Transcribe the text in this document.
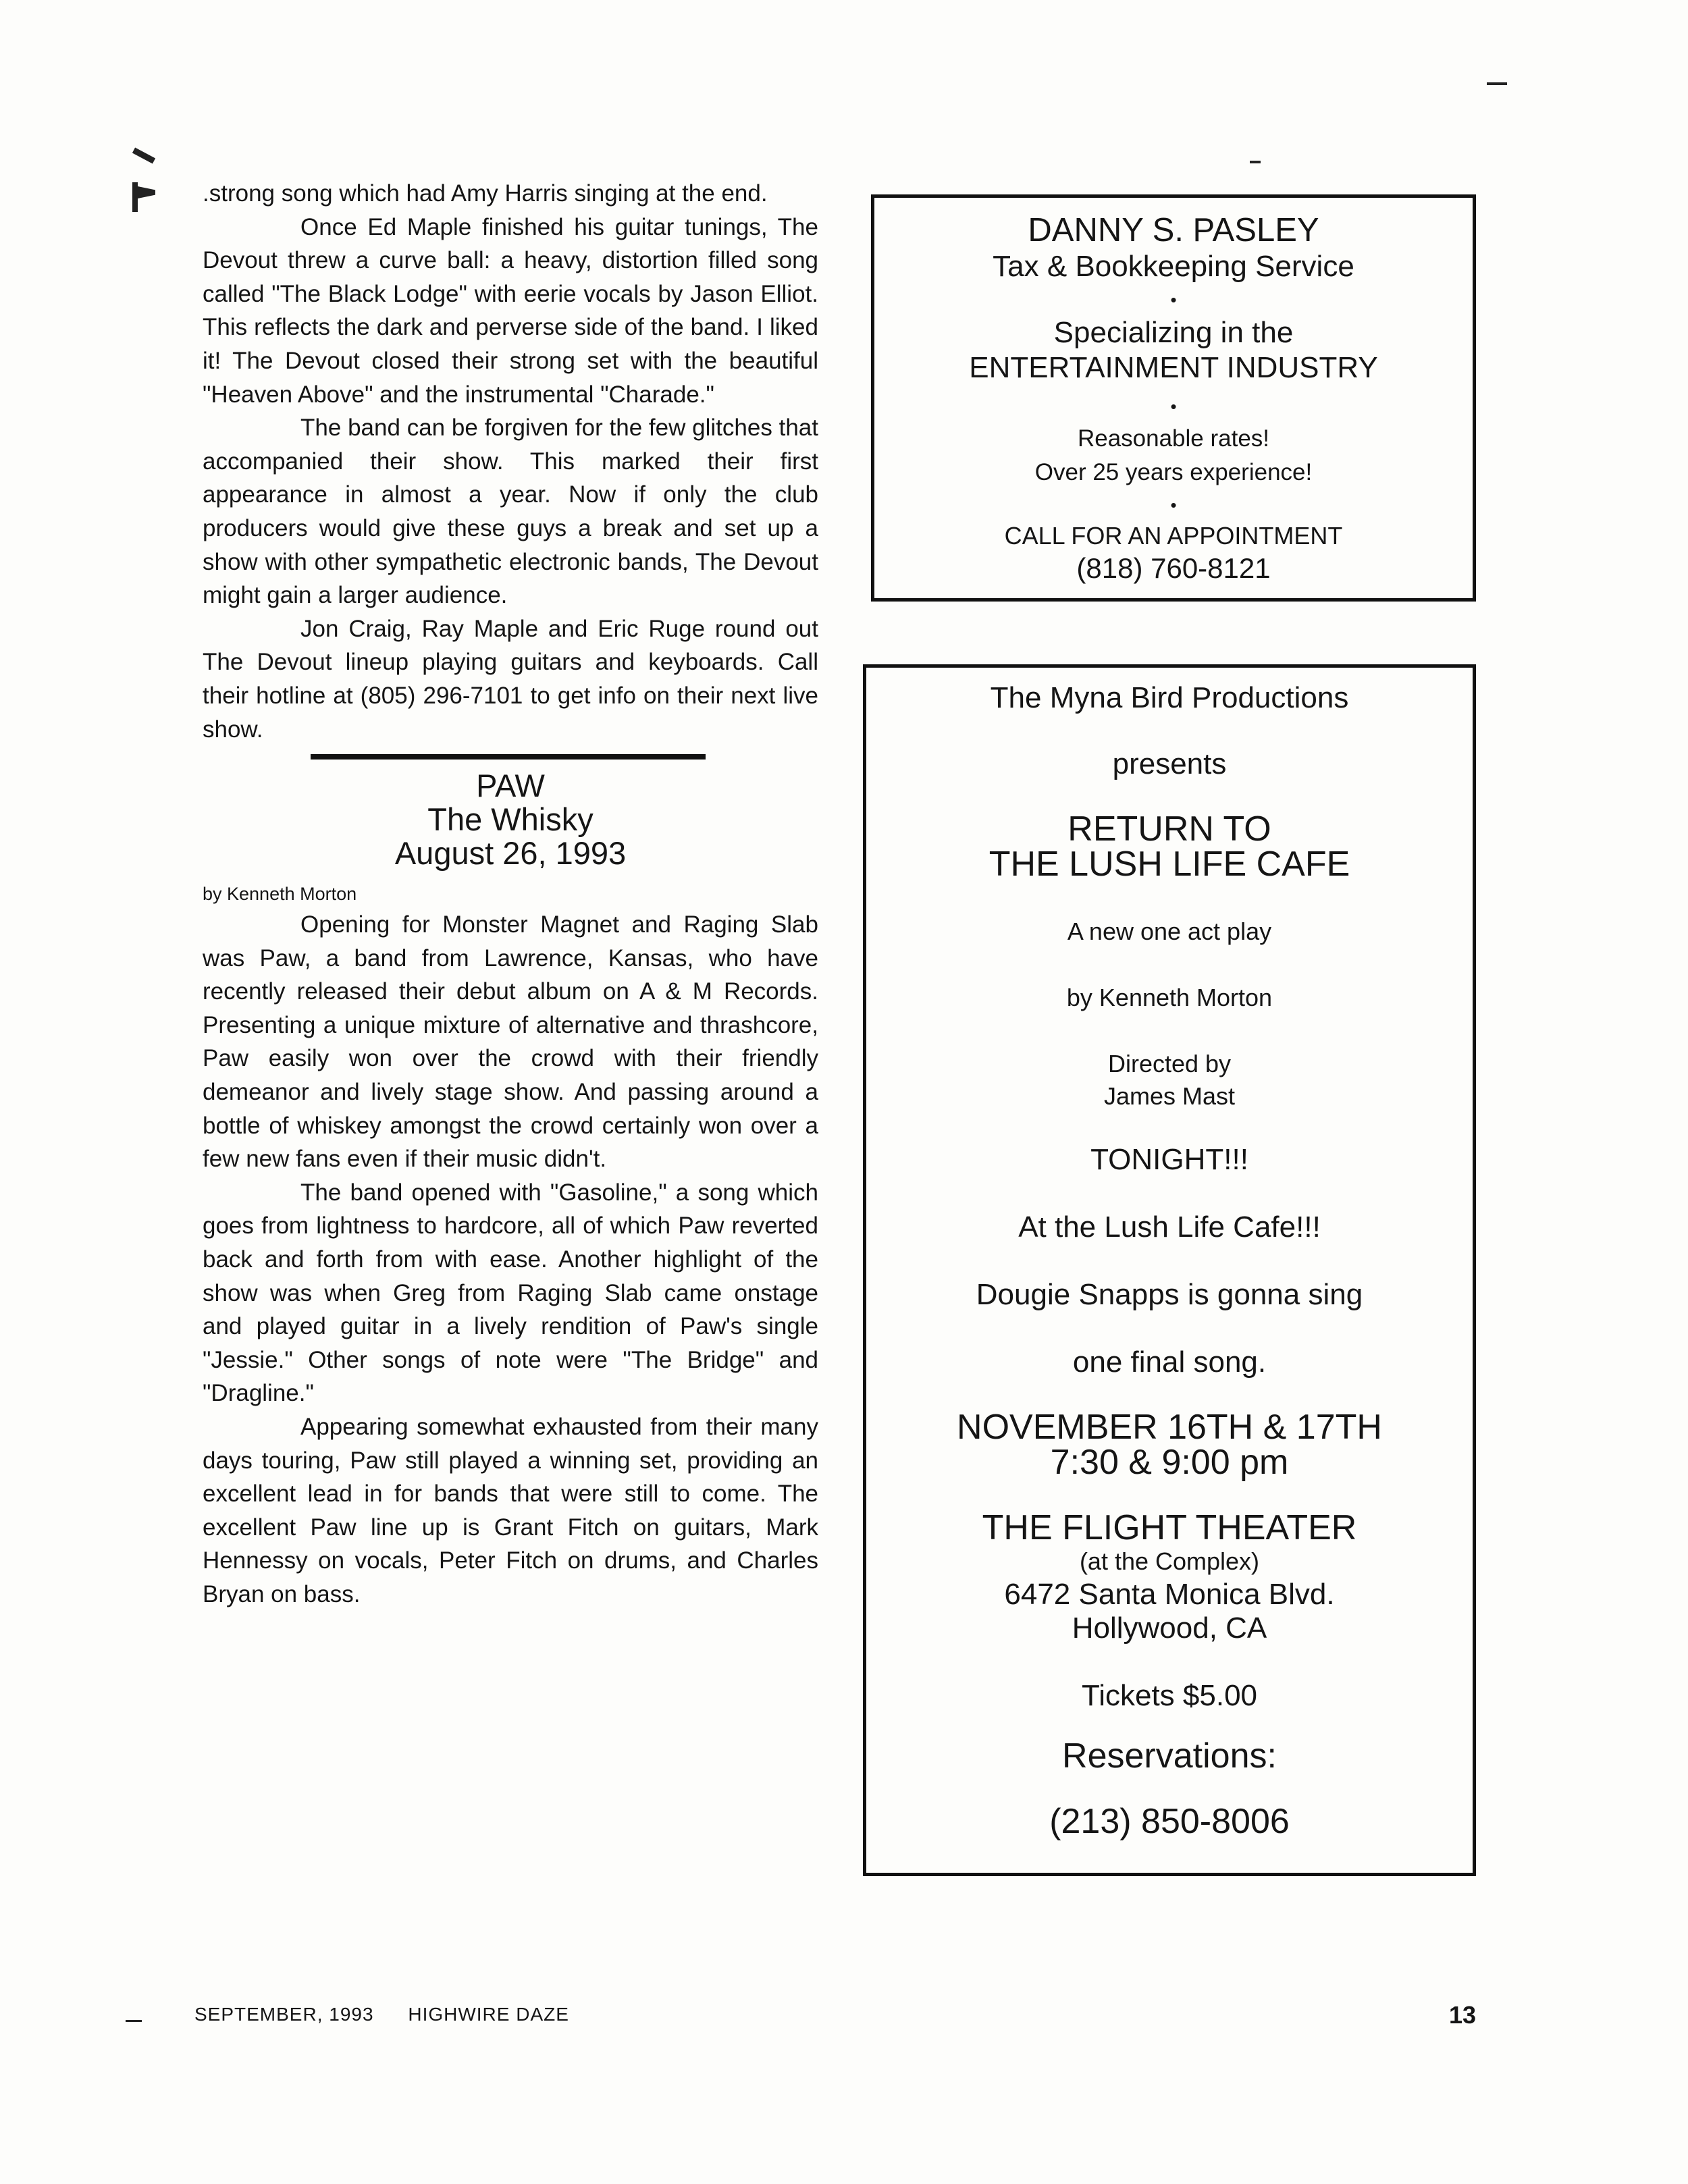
.strong song which had Amy Harris singing at the end.

Once Ed Maple finished his guitar tunings, The Devout threw a curve ball: a heavy, distortion filled song called "The Black Lodge" with eerie vocals by Jason Elliot. This reflects the dark and perverse side of the band. I liked it! The Devout closed their strong set with the beautiful "Heaven Above" and the instrumental "Charade."

The band can be forgiven for the few glitches that accompanied their show. This marked their first appearance in almost a year. Now if only the club producers would give these guys a break and set up a show with other sympathetic electronic bands, The Devout might gain a larger audience.

Jon Craig, Ray Maple and Eric Ruge round out The Devout lineup playing guitars and keyboards. Call their hotline at (805) 296-7101 to get info on their next live show.

PAW
The Whisky
August 26, 1993
by Kenneth Morton

Opening for Monster Magnet and Raging Slab was Paw, a band from Lawrence, Kansas, who have recently released their debut album on A & M Records. Presenting a unique mixture of alternative and thrashcore, Paw easily won over the crowd with their friendly demeanor and lively stage show. And passing around a bottle of whiskey amongst the crowd certainly won over a few new fans even if their music didn't.

The band opened with "Gasoline," a song which goes from lightness to hardcore, all of which Paw reverted back and forth from with ease. Another highlight of the show was when Greg from Raging Slab came onstage and played guitar in a lively rendition of Paw's single "Jessie." Other songs of note were "The Bridge" and "Dragline."

Appearing somewhat exhausted from their many days touring, Paw still played a winning set, providing an excellent lead in for bands that were still to come. The excellent Paw line up is Grant Fitch on guitars, Mark Hennessy on vocals, Peter Fitch on drums, and Charles Bryan on bass.

DANNY S. PASLEY
Tax & Bookkeeping Service
•
Specializing in the
ENTERTAINMENT INDUSTRY
•
Reasonable rates!
Over 25 years experience!
•
CALL FOR AN APPOINTMENT
(818) 760-8121
The Myna Bird Productions
presents
RETURN TO
THE LUSH LIFE CAFE
A new one act play
by Kenneth Morton
Directed by
James Mast
TONIGHT!!!
At the Lush Life Cafe!!!
Dougie Snapps is gonna sing
one final song.
NOVEMBER 16TH & 17TH
7:30 & 9:00 pm
THE FLIGHT THEATER
(at the Complex)
6472 Santa Monica Blvd.
Hollywood, CA
Tickets $5.00
Reservations:
(213) 850-8006
SEPTEMBER, 1993 HIGHWIRE DAZE	13
